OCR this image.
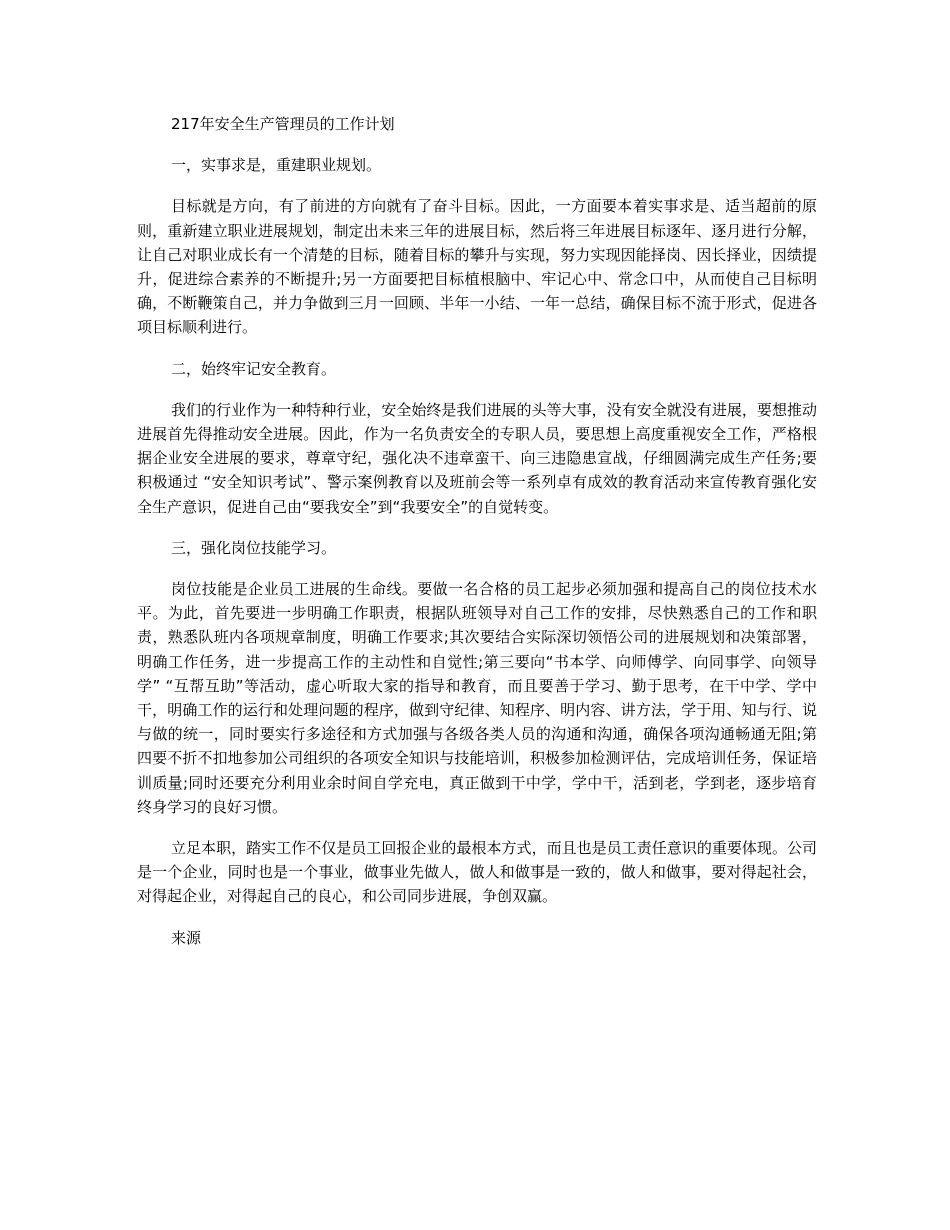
217年安全生产管理员的工作计划

一，实事求是，重建职业规划。

目标就是方向，有了前进的方向就有了奋斗目标。因此，一方面要本着实事求是、适当超前的原则，重新建立职业进展规划，制定出未来三年的进展目标，然后将三年进展目标逐年、逐月进行分解，让自己对职业成长有一个清楚的目标，随着目标的攀升与实现，努力实现因能择岗、因长择业，因绩提升，促进综合素养的不断提升;另一方面要把目标植根脑中、牢记心中、常念口中，从而使自己目标明确，不断鞭策自己，并力争做到三月一回顾、半年一小结、一年一总结，确保目标不流于形式，促进各项目标顺利进行。

二，始终牢记安全教育。

我们的行业作为一种特种行业，安全始终是我们进展的头等大事，没有安全就没有进展，要想推动进展首先得推动安全进展。因此，作为一名负责安全的专职人员，要思想上高度重视安全工作，严格根据企业安全进展的要求，尊章守纪，强化决不违章蛮干、向三违隐患宣战，仔细圆满完成生产任务;要积极通过 “安全知识考试”、警示案例教育以及班前会等一系列卓有成效的教育活动来宣传教育强化安全生产意识，促进自己由“要我安全”到“我要安全”的自觉转变。

三，强化岗位技能学习。

岗位技能是企业员工进展的生命线。要做一名合格的员工起步必须加强和提高自己的岗位技术水平。为此，首先要进一步明确工作职责，根据队班领导对自己工作的安排，尽快熟悉自己的工作和职责，熟悉队班内各项规章制度，明确工作要求;其次要结合实际深切领悟公司的进展规划和决策部署，明确工作任务，进一步提高工作的主动性和自觉性;第三要向“书本学、向师傅学、向同事学、向领导学” “互帮互助”等活动，虚心听取大家的指导和教育，而且要善于学习、勤于思考，在干中学、学中干，明确工作的运行和处理问题的程序，做到守纪律、知程序、明内容、讲方法，学于用、知与行、说与做的统一，同时要实行多途径和方式加强与各级各类人员的沟通和沟通，确保各项沟通畅通无阻;第四要不折不扣地参加公司组织的各项安全知识与技能培训，积极参加检测评估，完成培训任务，保证培训质量;同时还要充分利用业余时间自学充电，真正做到干中学，学中干，活到老，学到老，逐步培育终身学习的良好习惯。

立足本职，踏实工作不仅是员工回报企业的最根本方式，而且也是员工责任意识的重要体现。公司是一个企业，同时也是一个事业，做事业先做人，做人和做事是一致的，做人和做事，要对得起社会，对得起企业，对得起自己的良心，和公司同步进展，争创双赢。

来源
